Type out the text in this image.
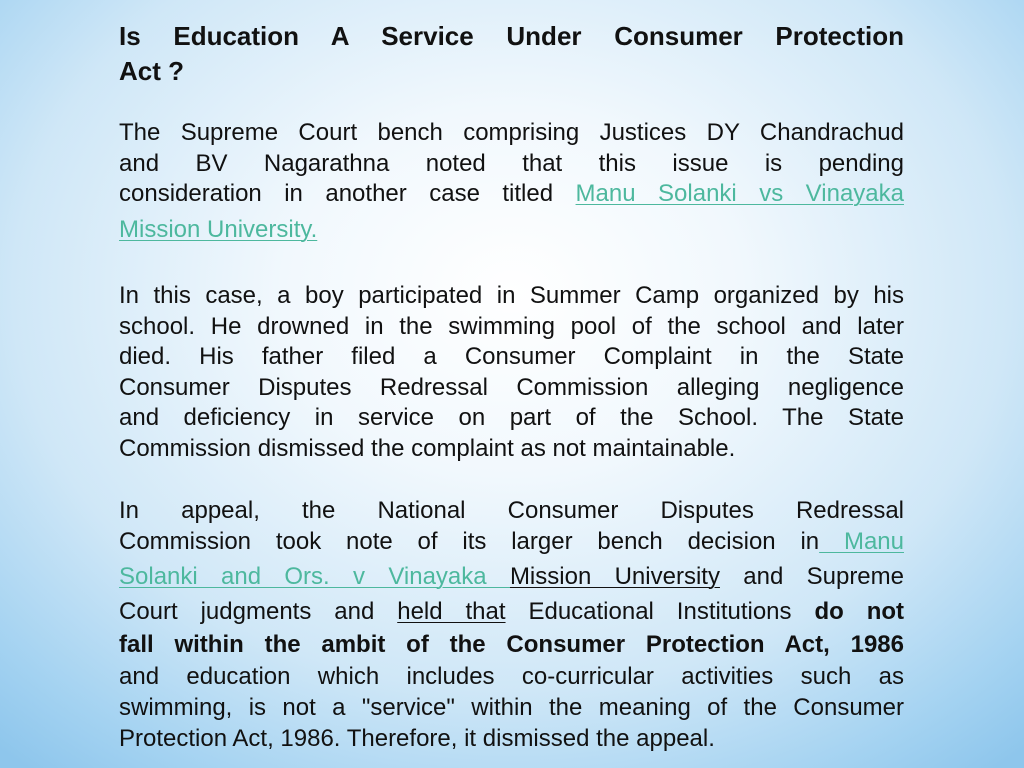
Is Education A Service Under Consumer Protection
Act ?
The Supreme Court bench comprising Justices DY Chandrachud
and BV Nagarathna noted that this issue is pending
consideration in another case titled Manu Solanki vs Vinayaka
Mission University.
In this case, a boy participated in Summer Camp organized by his
school. He drowned in the swimming pool of the school and later
died. His father filed a Consumer Complaint in the State
Consumer Disputes Redressal Commission alleging negligence
and deficiency in service on part of the School. The State
Commission dismissed the complaint as not maintainable.
In appeal, the National Consumer Disputes Redressal
Commission took note of its larger bench decision in Manu
Solanki and Ors. v Vinayaka Mission University and Supreme
Court judgments and held that Educational Institutions do not
fall within the ambit of the Consumer Protection Act, 1986
and education which includes co-curricular activities such as
swimming, is not a "service" within the meaning of the Consumer
Protection Act, 1986. Therefore, it dismissed the appeal.
